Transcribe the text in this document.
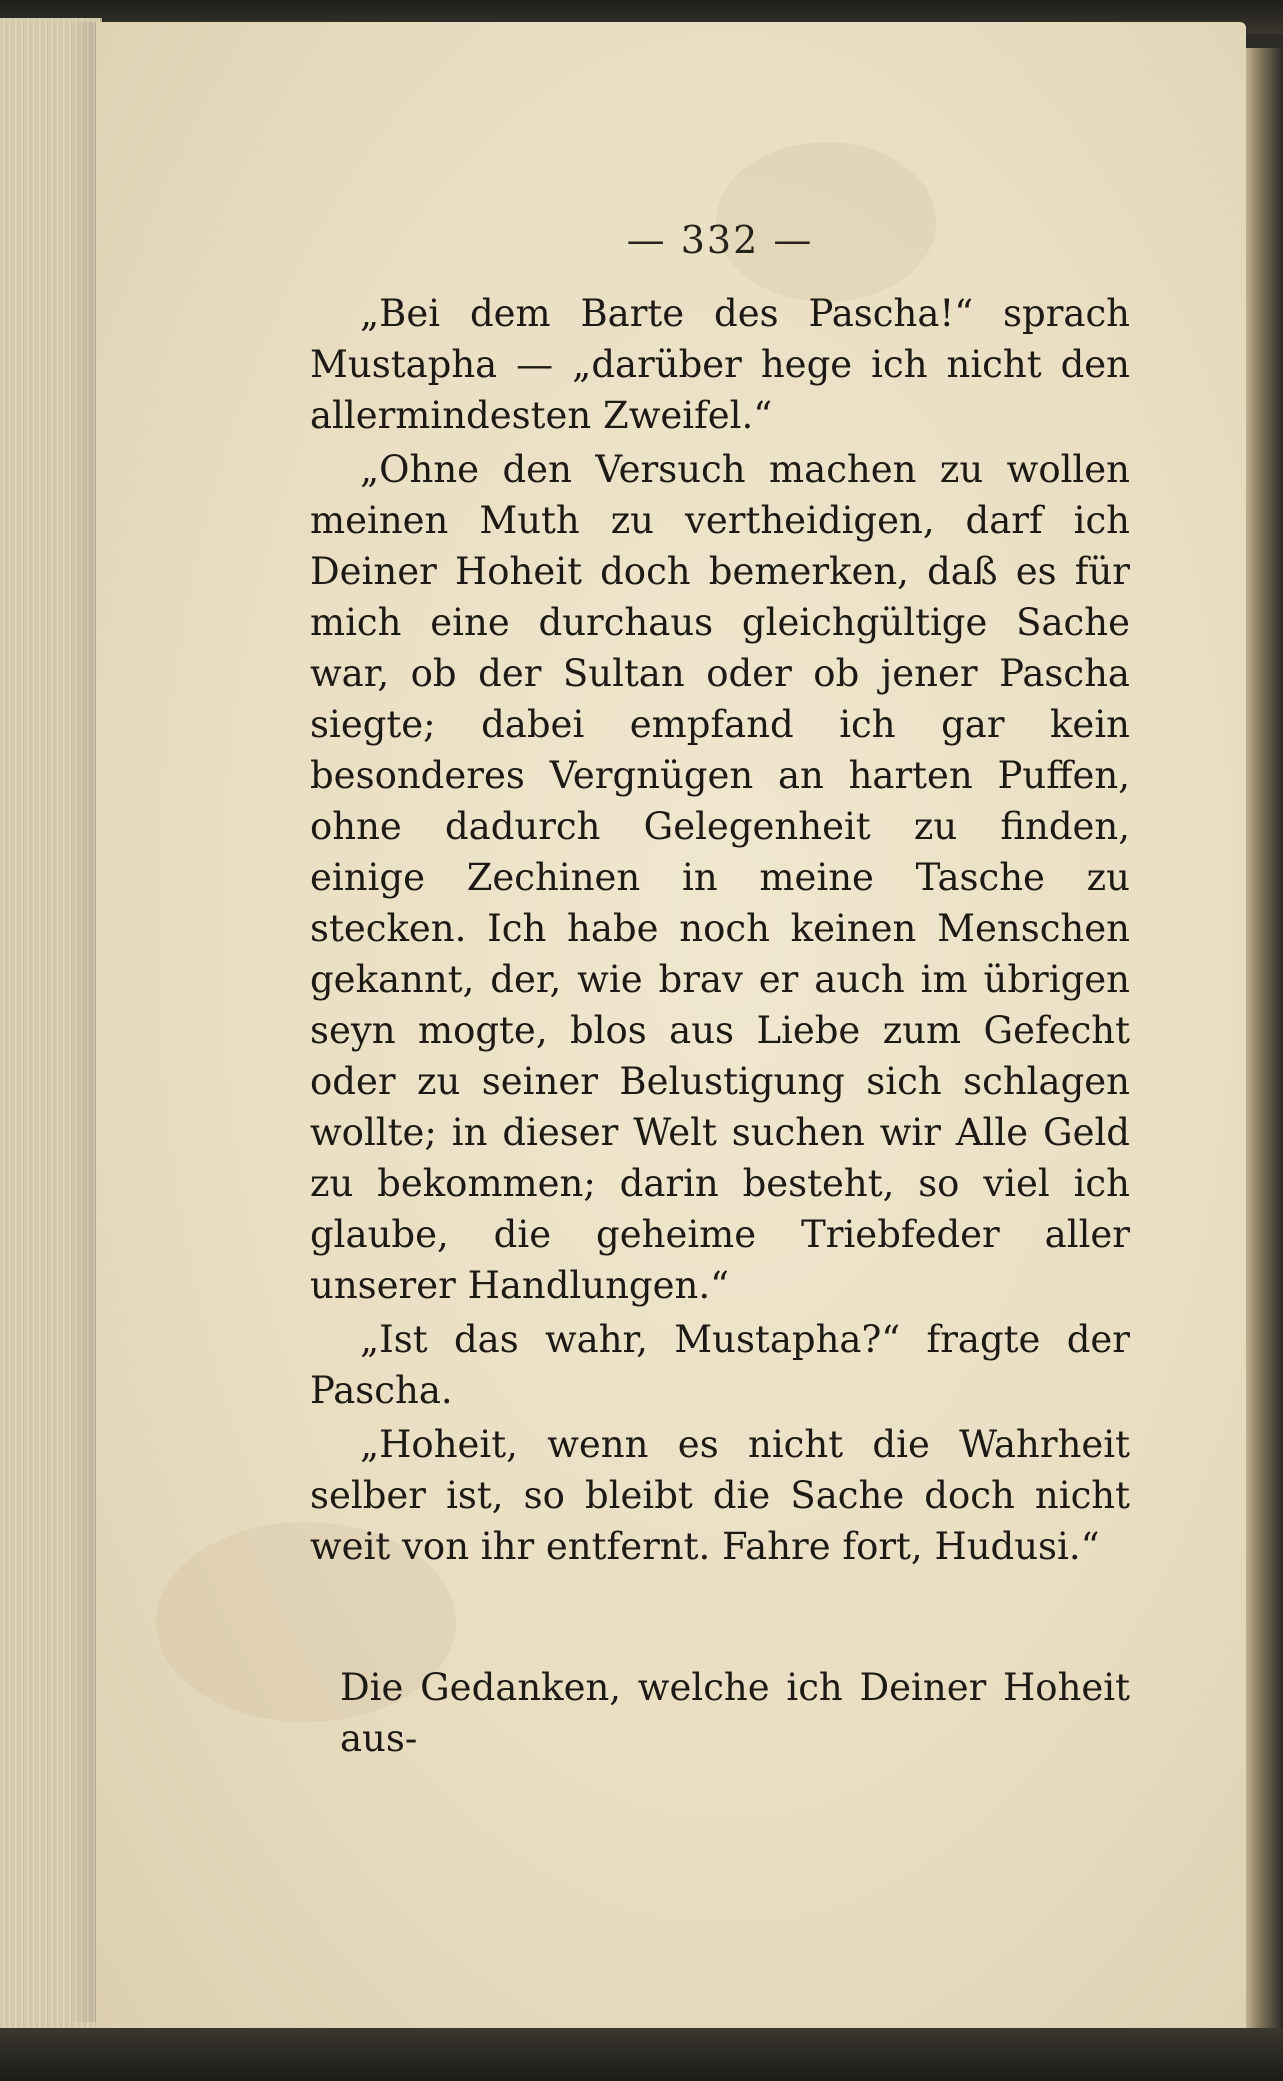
— 332 —

„Bei dem Barte des Pascha!“ sprach Mustapha — „darüber hege ich nicht den allermindesten Zweifel.“

„Ohne den Versuch machen zu wollen meinen Muth zu vertheidigen, darf ich Deiner Hoheit doch bemerken, daß es für mich eine durchaus gleichgültige Sache war, ob der Sultan oder ob jener Pascha siegte; dabei empfand ich gar kein besonderes Vergnügen an harten Puffen, ohne dadurch Gelegenheit zu finden, einige Zechinen in meine Tasche zu stecken. Ich habe noch keinen Menschen gekannt, der, wie brav er auch im übrigen seyn mogte, blos aus Liebe zum Gefecht oder zu seiner Belustigung sich schlagen wollte; in dieser Welt suchen wir Alle Geld zu bekommen; darin besteht, so viel ich glaube, die geheime Triebfeder aller unserer Handlungen.“

„Ist das wahr, Mustapha?“ fragte der Pascha.

„Hoheit, wenn es nicht die Wahrheit selber ist, so bleibt die Sache doch nicht weit von ihr entfernt. Fahre fort, Hudusi.“

Die Gedanken, welche ich Deiner Hoheit aus-
